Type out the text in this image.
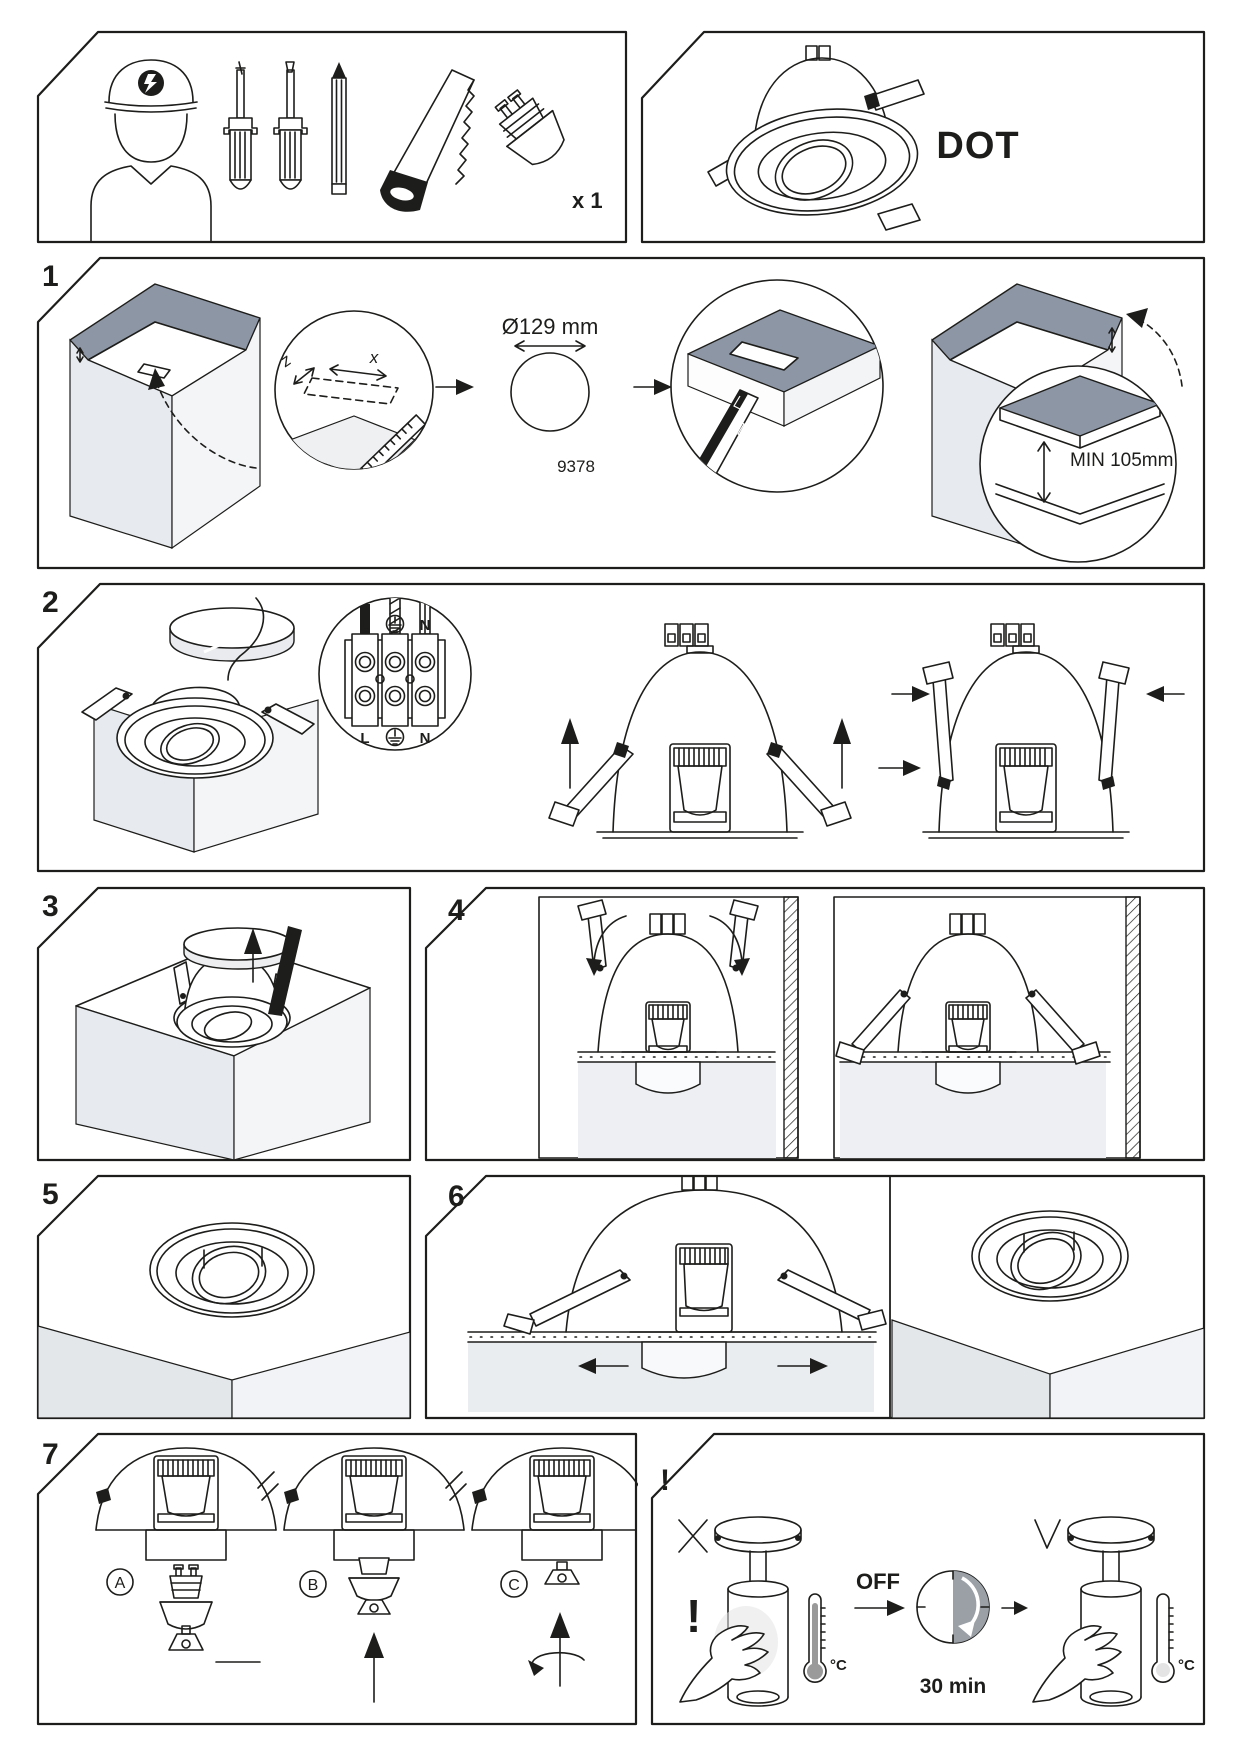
x 1
DOT
1
z	x
Ø129 mm
9378	MIN 105mm
2
L	N
L	N
3	4
5	6
7
A	B	C
!
!
°C
OFF
30 min
°C
